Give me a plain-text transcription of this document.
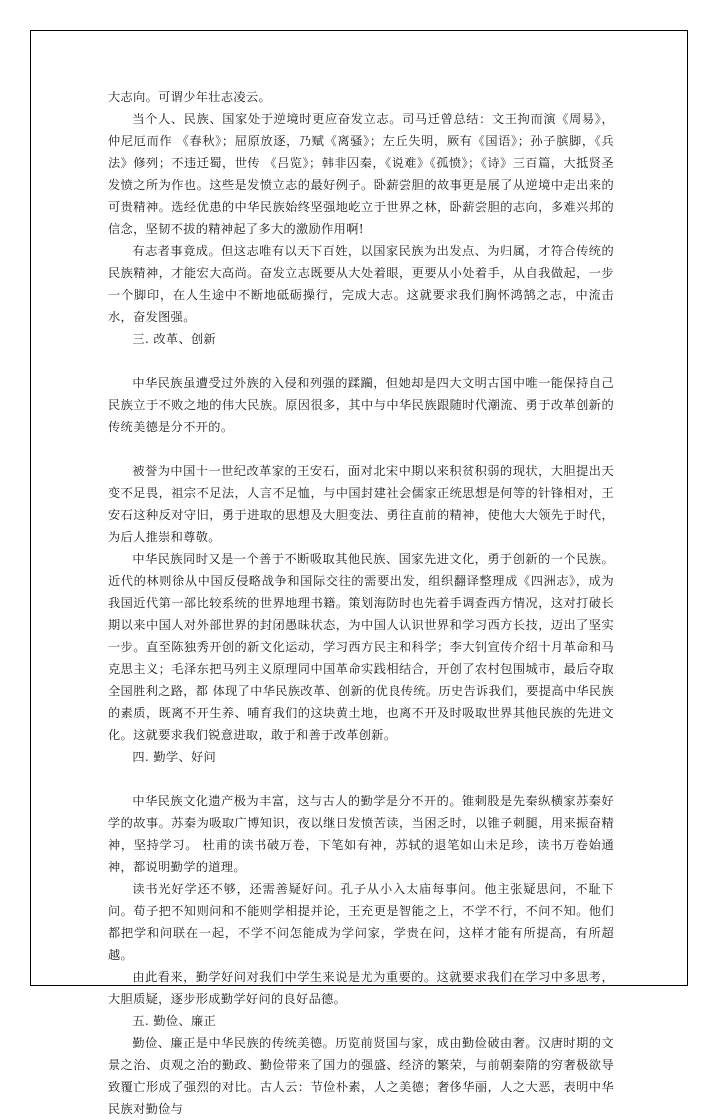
大志向。可谓少年壮志凌云。

当个人、民族、国家处于逆境时更应奋发立志。司马迁曾总结：文王拘而演《周易》，仲尼厄而作 《春秋》；屈原放逐，乃赋《离骚》；左丘失明，厥有《国语》；孙子膑脚，《兵法》修列；不违迁蜀，世传 《吕览》；韩非囚秦，《说难》《孤愤》；《诗》三百篇，大抵贤圣发愤之所为作也。这些是发愤立志的最好例子。卧薪尝胆的故事更是展了从逆境中走出来的可贵精神。选经优患的中华民族始终坚强地屹立于世界之林，卧薪尝胆的志向，多难兴邦的信念，坚韧不拔的精神起了多大的激励作用啊!

有志者事竟成。但这志唯有以天下百姓，以国家民族为出发点、为归属，才符合传统的民族精神，才能宏大高尚。奋发立志既要从大处着眼，更要从小处着手，从自我做起，一步一个脚印，在人生途中不断地砥砺操行，完成大志。这就要求我们胸怀鸿鹄之志，中流击水，奋发图强。

三. 改革、创新

中华民族虽遭受过外族的入侵和列强的蹂躏，但她却是四大文明古国中唯一能保持自己民族立于不败之地的伟大民族。原因很多，其中与中华民族跟随时代潮流、勇于改革创新的传统美德是分不开的。

被誉为中国十一世纪改革家的王安石，面对北宋中期以来积贫积弱的现状，大胆提出天变不足畏，祖宗不足法，人言不足恤，与中国封建社会儒家正统思想是何等的针锋相对，王安石这种反对守旧，勇于进取的思想及大胆变法、勇往直前的精神，使他大大领先于时代，为后人推崇和尊敬。

中华民族同时又是一个善于不断吸取其他民族、国家先进文化，勇于创新的一个民族。近代的林则徐从中国反侵略战争和国际交往的需要出发，组织翻译整理成《四洲志》，成为我国近代第一部比较系统的世界地理书籍。策划海防时也先着手调查西方情况，这对打破长期以来中国人对外部世界的封闭愚昧状态，为中国人认识世界和学习西方长技，迈出了坚实一步。直至陈独秀开创的新文化运动，学习西方民主和科学；李大钊宣传介绍十月革命和马克思主义；毛泽东把马列主义原理同中国革命实践相结合，开创了农村包围城市，最后夺取全国胜利之路，都 体现了中华民族改革、创新的优良传统。历史告诉我们，要提高中华民族的素质，既离不开生养、哺育我们的这块黄土地，也离不开及时吸取世界其他民族的先进文化。这就要求我们锐意进取，敢于和善于改革创新。

四. 勤学、好问

中华民族文化遗产极为丰富，这与古人的勤学是分不开的。锥刺股是先秦纵横家苏秦好学的故事。苏秦为吸取广博知识，夜以继日发愤苦读，当困乏时，以锥子刺腿，用来振奋精神，坚持学习。 杜甫的读书破万卷，下笔如有神，苏轼的退笔如山未足珍，读书万卷始通神，都说明勤学的道理。

读书光好学还不够，还需善疑好问。孔子从小入太庙每事问。他主张疑思问，不耻下问。荀子把不知则问和不能则学相提并论，王充更是智能之上，不学不行，不问不知。他们都把学和问联在一起，不学不问怎能成为学问家，学贵在问，这样才能有所提高，有所超越。

由此看来，勤学好问对我们中学生来说是尤为重要的。这就要求我们在学习中多思考，大胆质疑，逐步形成勤学好问的良好品德。

五. 勤俭、廉正

勤俭、廉正是中华民族的传统美德。历览前贤国与家，成由勤俭破由奢。汉唐时期的文景之治、贞观之治的勤政、勤俭带来了国力的强盛、经济的繁荣，与前朝秦隋的穷奢极欲导致覆亡形成了强烈的对比。古人云：节俭朴素，人之美德；奢侈华丽，人之大恶，表明中华民族对勤俭与
